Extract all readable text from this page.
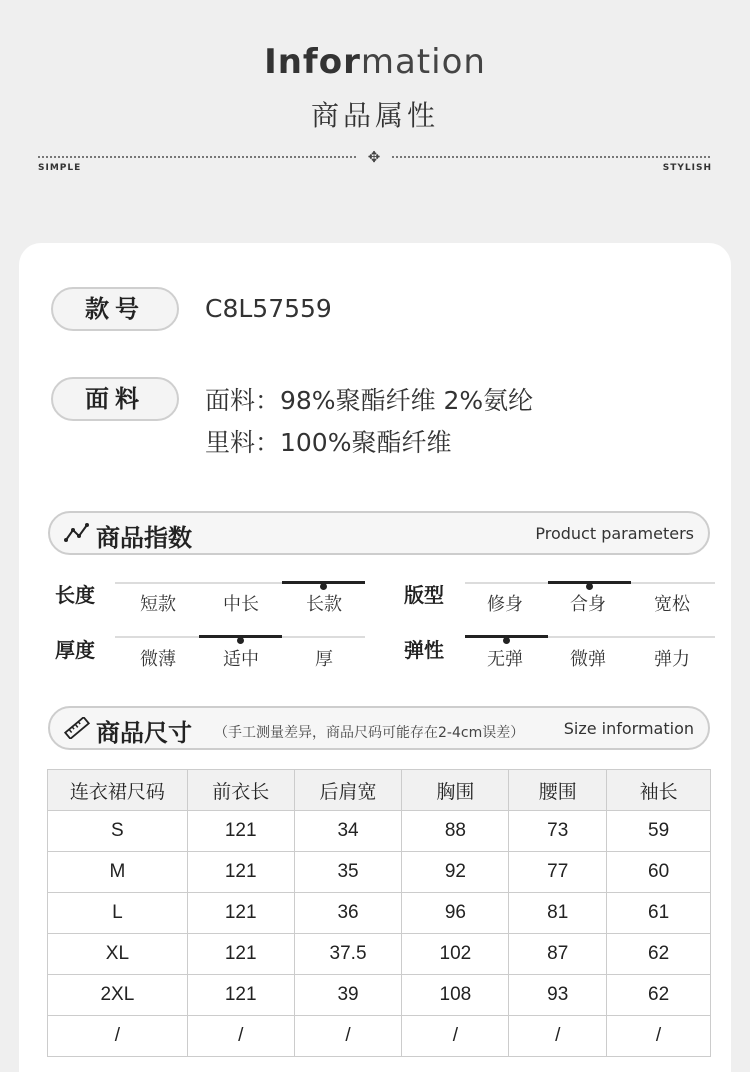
Information
商品属性
✥
SIMPLE	STYLISH
款号	C8L57559
面料	面料：98%聚酯纤维 2%氨纶
里料：100%聚酯纤维
商品指数	Product parameters
长度	短款	中长	长款	版型	修身	合身	宽松
厚度	微薄	适中	厚	弹性	无弹	微弹	弹力
商品尺寸 （手工测量差异，商品尺码可能存在2-4cm误差） Size information
连衣裙尺码	前衣长	后肩宽	胸围	腰围	袖长
S	121	34	88	73	59
M	121	35	92	77	60
L	121	36	96	81	61
XL	121	37.5	102	87	62
2XL	121	39	108	93	62
/	/	/	/	/	/
